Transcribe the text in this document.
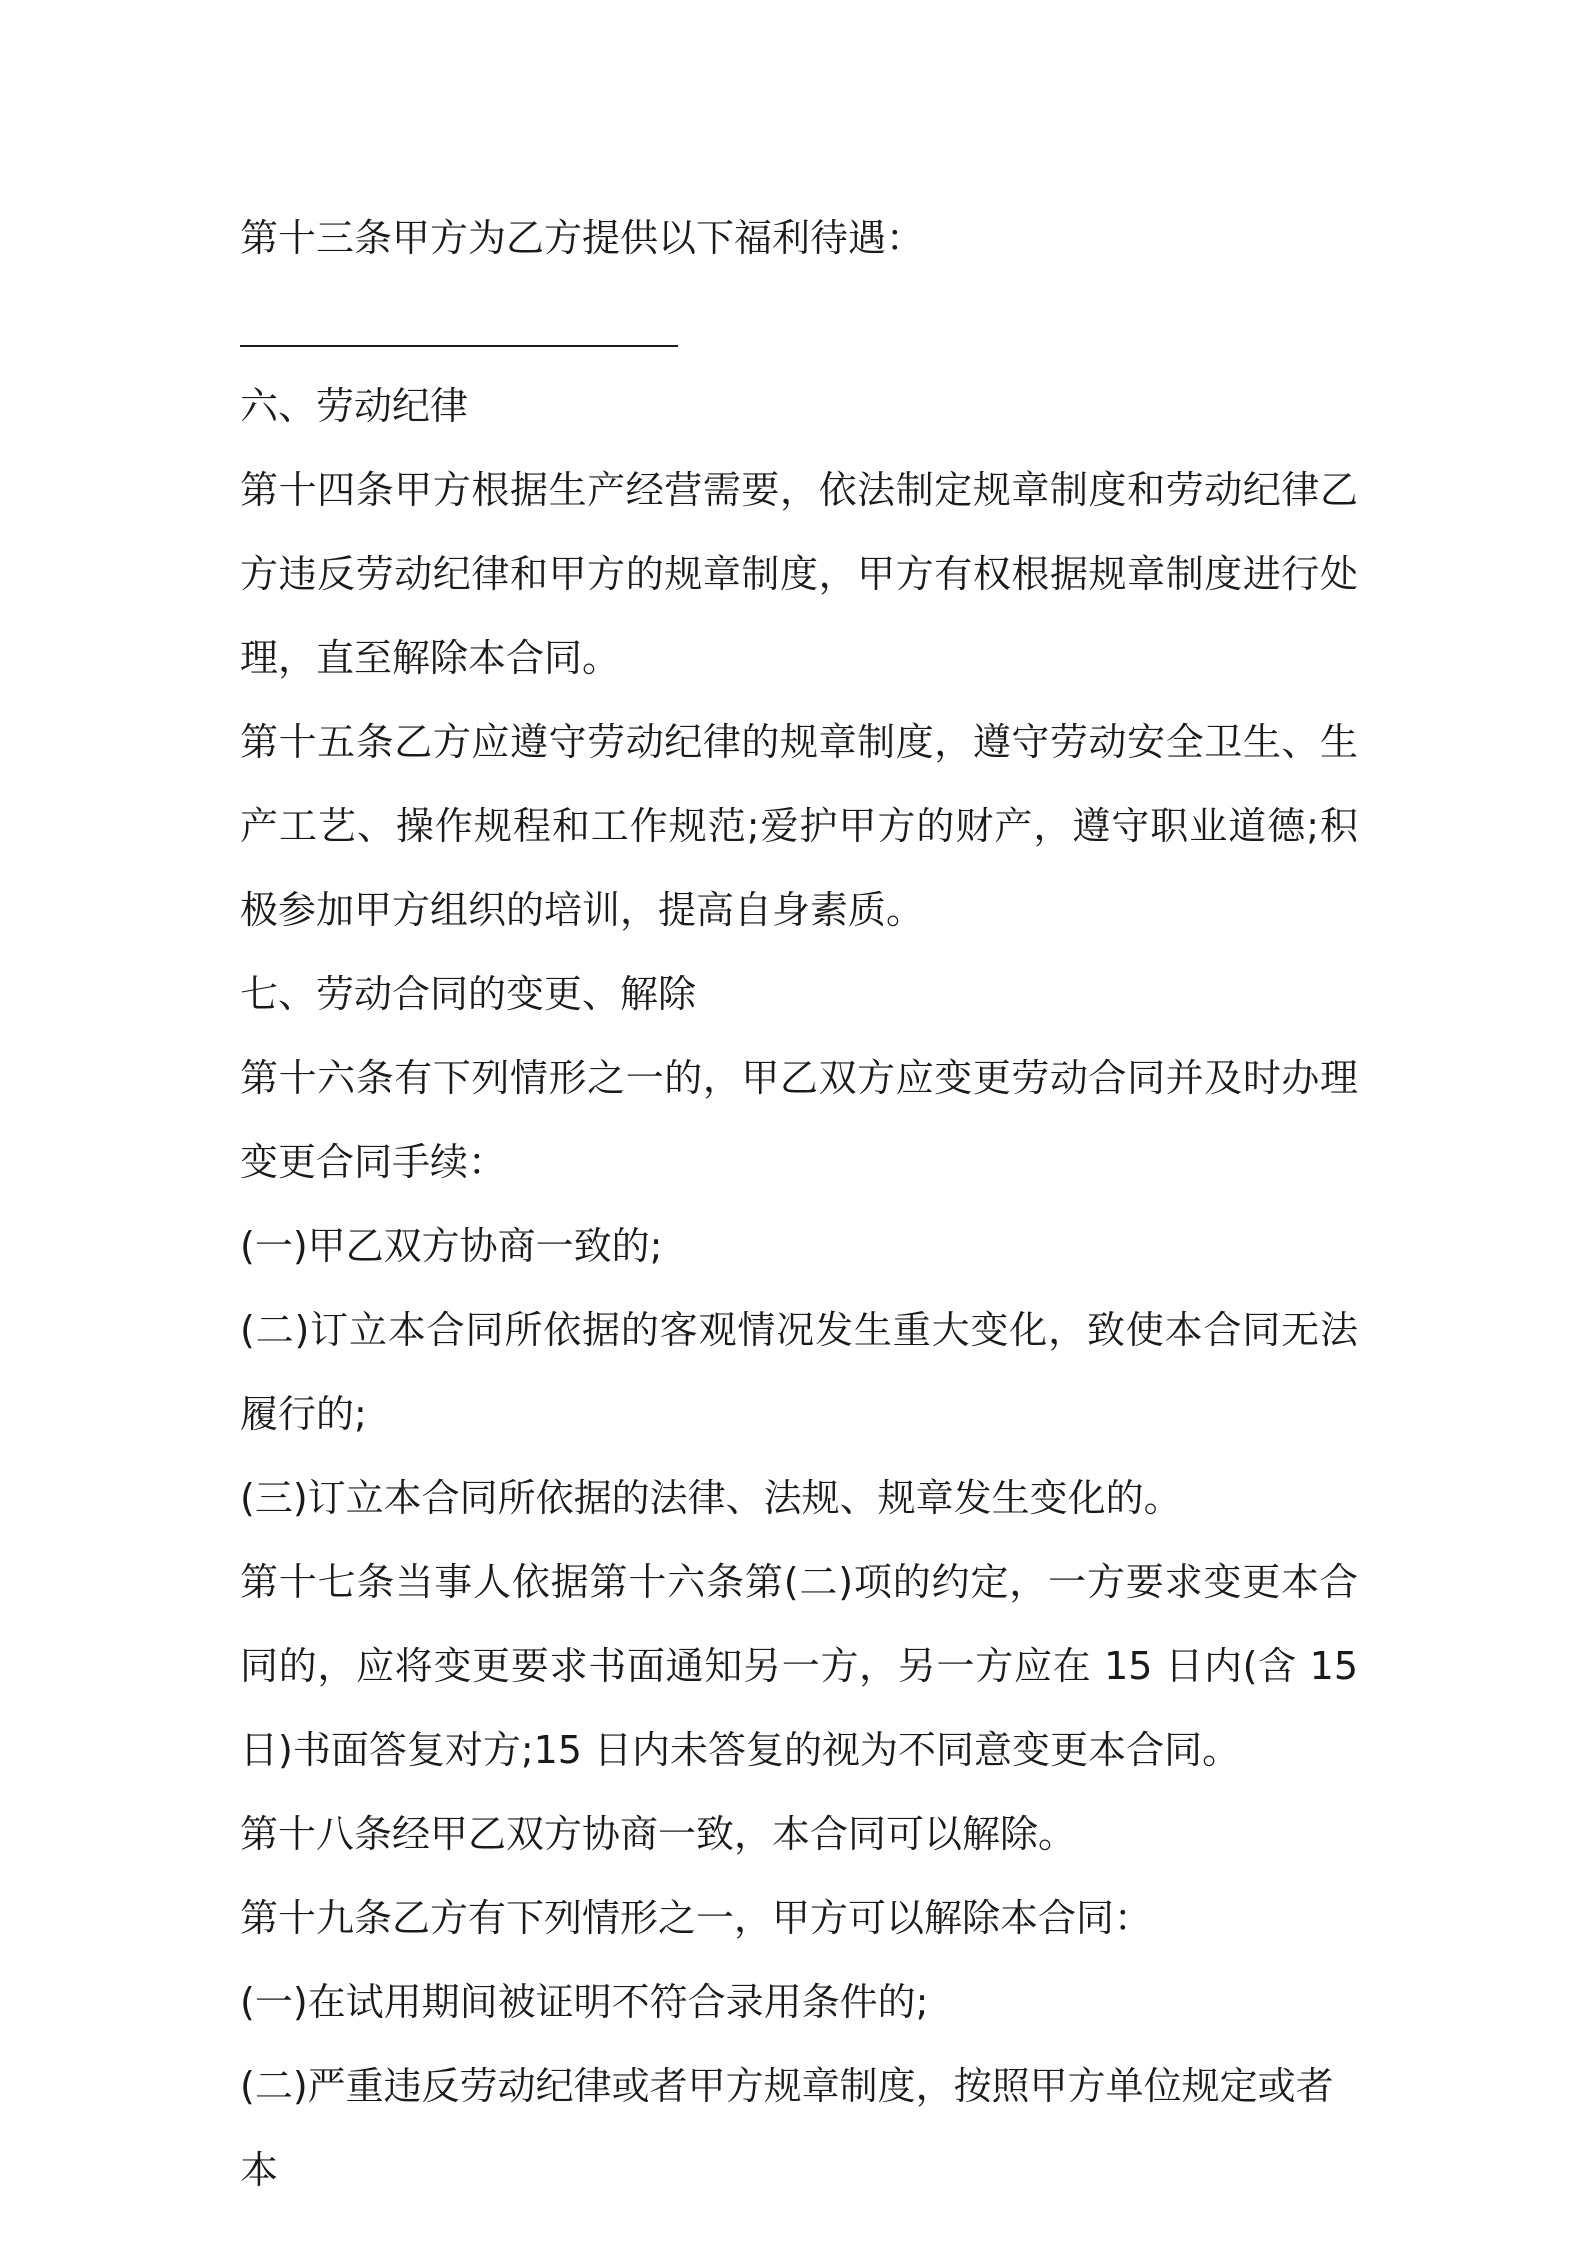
第十三条甲方为乙方提供以下福利待遇：

六、劳动纪律

第十四条甲方根据生产经营需要，依法制定规章制度和劳动纪律乙方违反劳动纪律和甲方的规章制度，甲方有权根据规章制度进行处理，直至解除本合同。

第十五条乙方应遵守劳动纪律的规章制度，遵守劳动安全卫生、生产工艺、操作规程和工作规范;爱护甲方的财产，遵守职业道德;积极参加甲方组织的培训，提高自身素质。

七、劳动合同的变更、解除

第十六条有下列情形之一的，甲乙双方应变更劳动合同并及时办理变更合同手续：

(一)甲乙双方协商一致的;

(二)订立本合同所依据的客观情况发生重大变化，致使本合同无法履行的;

(三)订立本合同所依据的法律、法规、规章发生变化的。

第十七条当事人依据第十六条第(二)项的约定，一方要求变更本合同的，应将变更要求书面通知另一方，另一方应在 15 日内(含 15 日)书面答复对方;15 日内未答复的视为不同意变更本合同。

第十八条经甲乙双方协商一致，本合同可以解除。

第十九条乙方有下列情形之一，甲方可以解除本合同：

(一)在试用期间被证明不符合录用条件的;

(二)严重违反劳动纪律或者甲方规章制度，按照甲方单位规定或者本
